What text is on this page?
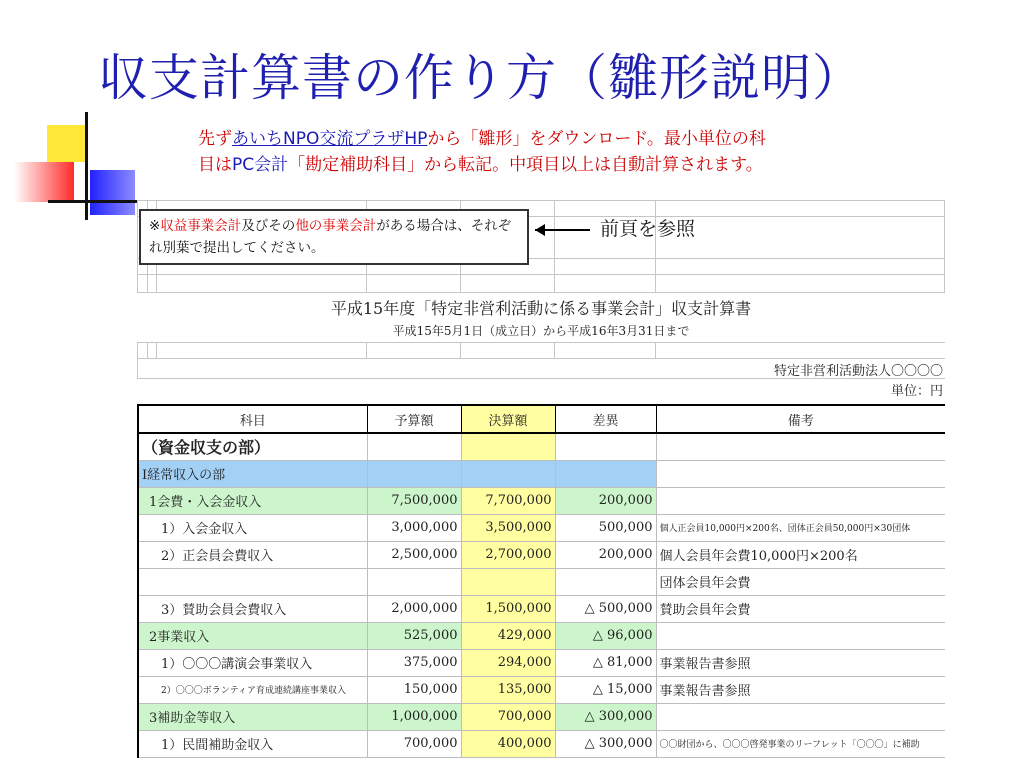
収支計算書の作り方（雛形説明）

先ずあいちNPO交流プラザHPから「雛形」をダウンロード。最小単位の科
目はPC会計「勘定補助科目」から転記。中項目以上は自動計算されます。

平成15年度「特定非営利活動に係る事業会計」収支計算書
平成15年5月1日（成立日）から平成16年3月31日まで
特定非営利活動法人〇〇〇〇
単位：円
科目	予算額	決算額	差異	備考
（資金収支の部）				
Ⅰ経常収入の部				
1会費・入会金収入	7,500,000	7,700,000	200,000	
1）入会金収入	3,000,000	3,500,000	500,000	個人正会員10,000円×200名、団体正会員50,000円×30団体
2）正会員会費収入	2,500,000	2,700,000	200,000	個人会員年会費10,000円×200名
				団体会員年会費
3）賛助会員会費収入	2,000,000	1,500,000	△ 500,000	賛助会員年会費
2事業収入	525,000	429,000	△ 96,000	
1）〇〇〇講演会事業収入	375,000	294,000	△ 81,000	事業報告書参照
2）〇〇〇ボランティア育成連続講座事業収入	150,000	135,000	△ 15,000	事業報告書参照
3補助金等収入	1,000,000	700,000	△ 300,000	
1）民間補助金収入	700,000	400,000	△ 300,000	〇〇財団から、〇〇〇啓発事業のリーフレット「〇〇〇」に補助
※収益事業会計及びその他の事業会計がある場合は、それぞれ別葉で提出してください。
前頁を参照
